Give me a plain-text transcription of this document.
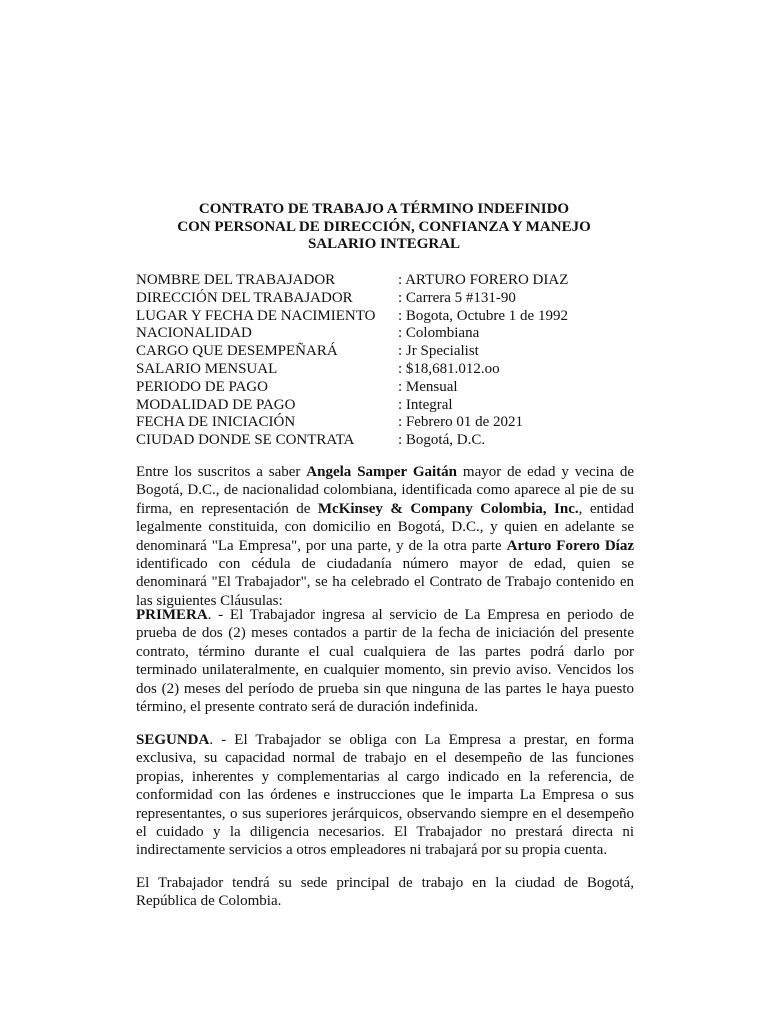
CONTRATO DE TRABAJO A TÉRMINO INDEFINIDO
CON PERSONAL DE DIRECCIÓN, CONFIANZA Y MANEJO
SALARIO INTEGRAL
NOMBRE DEL TRABAJADOR	: ARTURO FORERO DIAZ
DIRECCIÓN DEL TRABAJADOR	: Carrera 5 #131-90
LUGAR Y FECHA DE NACIMIENTO	: Bogota, Octubre 1 de 1992
NACIONALIDAD	: Colombiana
CARGO QUE DESEMPEÑARÁ	: Jr Specialist
SALARIO MENSUAL	: $18,681.012.oo
PERIODO DE PAGO	: Mensual
MODALIDAD DE PAGO	: Integral
FECHA DE INICIACIÓN	: Febrero 01 de 2021
CIUDAD DONDE SE CONTRATA	: Bogotá, D.C.

Entre los suscritos a saber Angela Samper Gaitán mayor de edad y vecina de Bogotá, D.C., de nacionalidad colombiana, identificada como aparece al pie de su firma, en representación de McKinsey & Company Colombia, Inc., entidad legalmente constituida, con domicilio en Bogotá, D.C., y quien en adelante se denominará "La Empresa", por una parte, y de la otra parte Arturo Forero Díaz identificado con cédula de ciudadanía número mayor de edad, quien se denominará "El Trabajador", se ha celebrado el Contrato de Trabajo contenido en las siguientes Cláusulas:

PRIMERA. - El Trabajador ingresa al servicio de La Empresa en periodo de prueba de dos (2) meses contados a partir de la fecha de iniciación del presente contrato, término durante el cual cualquiera de las partes podrá darlo por terminado unilateralmente, en cualquier momento, sin previo aviso. Vencidos los dos (2) meses del período de prueba sin que ninguna de las partes le haya puesto término, el presente contrato será de duración indefinida.

SEGUNDA. - El Trabajador se obliga con La Empresa a prestar, en forma exclusiva, su capacidad normal de trabajo en el desempeño de las funciones propias, inherentes y complementarias al cargo indicado en la referencia, de conformidad con las órdenes e instrucciones que le imparta La Empresa o sus representantes, o sus superiores jerárquicos, observando siempre en el desempeño el cuidado y la diligencia necesarios. El Trabajador no prestará directa ni indirectamente servicios a otros empleadores ni trabajará por su propia cuenta.

El Trabajador tendrá su sede principal de trabajo en la ciudad de Bogotá, República de Colombia.
